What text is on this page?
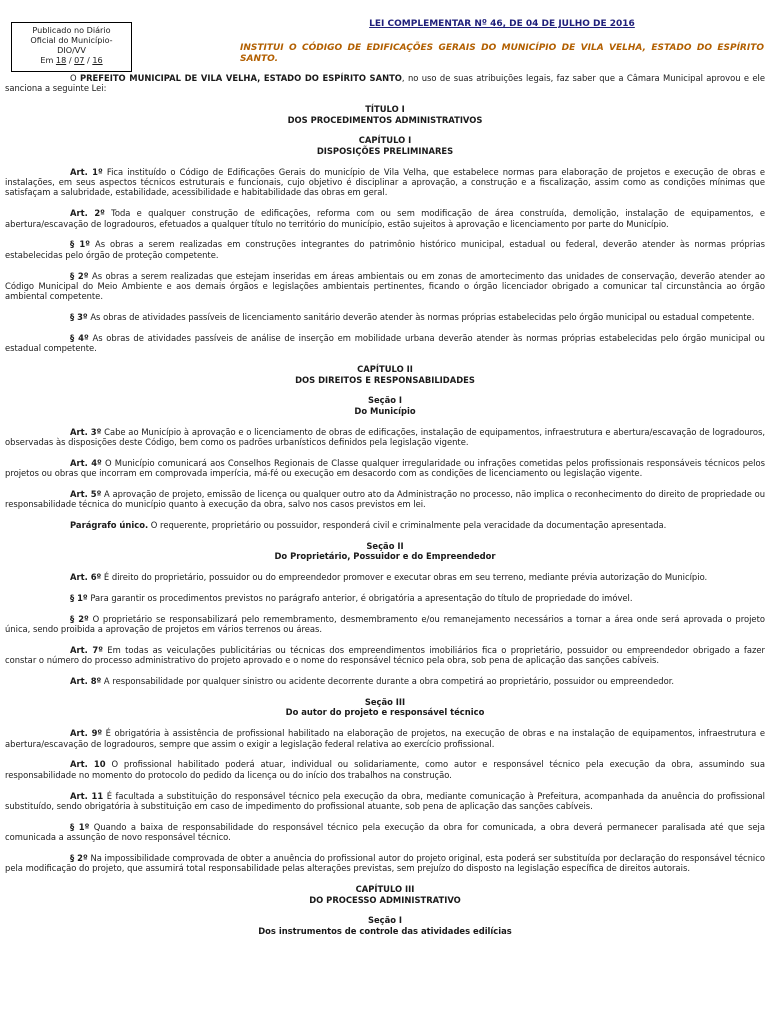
Publicado no Diário
Oficial do Município-
DIO/VV
Em 18 / 07 / 16
LEI COMPLEMENTAR Nº 46, DE 04 DE JULHO DE 2016
INSTITUI O CÓDIGO DE EDIFICAÇÕES GERAIS DO MUNICÍPIO DE VILA VELHA, ESTADO DO ESPÍRITO SANTO.

O PREFEITO MUNICIPAL DE VILA VELHA, ESTADO DO ESPÍRITO SANTO, no uso de suas atribuições legais, faz saber que a Câmara Municipal aprovou e ele sanciona a seguinte Lei:

TÍTULO I
DOS PROCEDIMENTOS ADMINISTRATIVOS
CAPÍTULO I
DISPOSIÇÕES PRELIMINARES

Art. 1º Fica instituído o Código de Edificações Gerais do município de Vila Velha, que estabelece normas para elaboração de projetos e execução de obras e instalações, em seus aspectos técnicos estruturais e funcionais, cujo objetivo é disciplinar a aprovação, a construção e a fiscalização, assim como as condições mínimas que satisfaçam a salubridade, estabilidade, acessibilidade e habitabilidade das obras em geral.

Art. 2º Toda e qualquer construção de edificações, reforma com ou sem modificação de área construída, demolição, instalação de equipamentos, e abertura/escavação de logradouros, efetuados a qualquer título no território do município, estão sujeitos à aprovação e licenciamento por parte do Município.

§ 1º As obras a serem realizadas em construções integrantes do patrimônio histórico municipal, estadual ou federal, deverão atender às normas próprias estabelecidas pelo órgão de proteção competente.

§ 2º As obras a serem realizadas que estejam inseridas em áreas ambientais ou em zonas de amortecimento das unidades de conservação, deverão atender ao Código Municipal do Meio Ambiente e aos demais órgãos e legislações ambientais pertinentes, ficando o órgão licenciador obrigado a comunicar tal circunstância ao órgão ambiental competente.

§ 3º As obras de atividades passíveis de licenciamento sanitário deverão atender às normas próprias estabelecidas pelo órgão municipal ou estadual competente.

§ 4º As obras de atividades passíveis de análise de inserção em mobilidade urbana deverão atender às normas próprias estabelecidas pelo órgão municipal ou estadual competente.

CAPÍTULO II
DOS DIREITOS E RESPONSABILIDADES
Seção I
Do Município

Art. 3º Cabe ao Município à aprovação e o licenciamento de obras de edificações, instalação de equipamentos, infraestrutura e abertura/escavação de logradouros, observadas às disposições deste Código, bem como os padrões urbanísticos definidos pela legislação vigente.

Art. 4º O Município comunicará aos Conselhos Regionais de Classe qualquer irregularidade ou infrações cometidas pelos profissionais responsáveis técnicos pelos projetos ou obras que incorram em comprovada imperícia, má-fé ou execução em desacordo com as condições de licenciamento ou legislação vigente.

Art. 5º A aprovação de projeto, emissão de licença ou qualquer outro ato da Administração no processo, não implica o reconhecimento do direito de propriedade ou responsabilidade técnica do município quanto à execução da obra, salvo nos casos previstos em lei.

Parágrafo único. O requerente, proprietário ou possuidor, responderá civil e criminalmente pela veracidade da documentação apresentada.

Seção II
Do Proprietário, Possuidor e do Empreendedor

Art. 6º É direito do proprietário, possuidor ou do empreendedor promover e executar obras em seu terreno, mediante prévia autorização do Município.

§ 1º Para garantir os procedimentos previstos no parágrafo anterior, é obrigatória a apresentação do título de propriedade do imóvel.

§ 2º O proprietário se responsabilizará pelo remembramento, desmembramento e/ou remanejamento necessários a tornar a área onde será aprovada o projeto única, sendo proibida a aprovação de projetos em vários terrenos ou áreas.

Art. 7º Em todas as veiculações publicitárias ou técnicas dos empreendimentos imobiliários fica o proprietário, possuidor ou empreendedor obrigado a fazer constar o número do processo administrativo do projeto aprovado e o nome do responsável técnico pela obra, sob pena de aplicação das sanções cabíveis.

Art. 8º A responsabilidade por qualquer sinistro ou acidente decorrente durante a obra competirá ao proprietário, possuidor ou empreendedor.

Seção III
Do autor do projeto e responsável técnico

Art. 9º É obrigatória à assistência de profissional habilitado na elaboração de projetos, na execução de obras e na instalação de equipamentos, infraestrutura e abertura/escavação de logradouros, sempre que assim o exigir a legislação federal relativa ao exercício profissional.

Art. 10 O profissional habilitado poderá atuar, individual ou solidariamente, como autor e responsável técnico pela execução da obra, assumindo sua responsabilidade no momento do protocolo do pedido da licença ou do início dos trabalhos na construção.

Art. 11 É facultada a substituição do responsável técnico pela execução da obra, mediante comunicação à Prefeitura, acompanhada da anuência do profissional substituído, sendo obrigatória à substituição em caso de impedimento do profissional atuante, sob pena de aplicação das sanções cabíveis.

§ 1º Quando a baixa de responsabilidade do responsável técnico pela execução da obra for comunicada, a obra deverá permanecer paralisada até que seja comunicada a assunção de novo responsável técnico.

§ 2º Na impossibilidade comprovada de obter a anuência do profissional autor do projeto original, esta poderá ser substituída por declaração do responsável técnico pela modificação do projeto, que assumirá total responsabilidade pelas alterações previstas, sem prejuízo do disposto na legislação específica de direitos autorais.

CAPÍTULO III
DO PROCESSO ADMINISTRATIVO
Seção I
Dos instrumentos de controle das atividades edilícias
